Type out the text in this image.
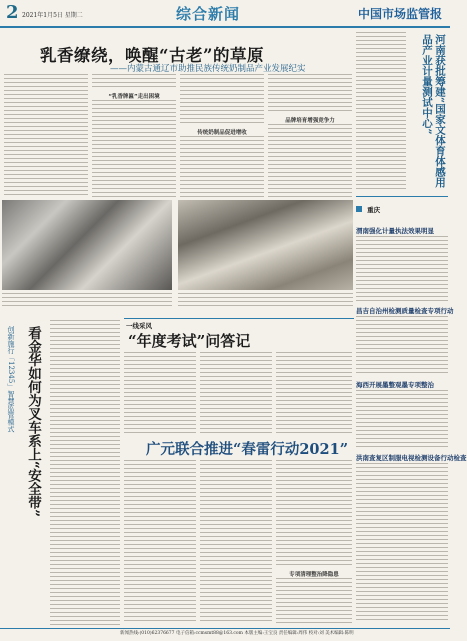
2 2021年1月5日 星期二	综合新闻	中国市场监管报
乳香缭绕，唤醒“古老”的草原
——内蒙古通辽市助推民族传统奶制品产业发展纪实
“乳香牌匾”走出困境
传统奶制品促进增收
品牌培育增强竞争力	河南获批筹建“国家文体育体感用品产业计量测试中心”
重庆
渭南强化计量执法效果明显
昌吉自治州检测质量检查专项行动
海西开展墨整观墨专项整治
洪南查复区制服电视检测设备行动检查
看金华如何为叉车系上“安全带”
创新施行「12345」智慧监管模式	一线采风
“年度考试”问答记
广元联合推进“春雷行动2021”
专项清理整治降隐患
新闻热线:(010)62376677 电子信箱:ccmsmt88@163.com 本版主编:王宝良 责任编辑:周伟 校对:刘 美术编辑:陈明
